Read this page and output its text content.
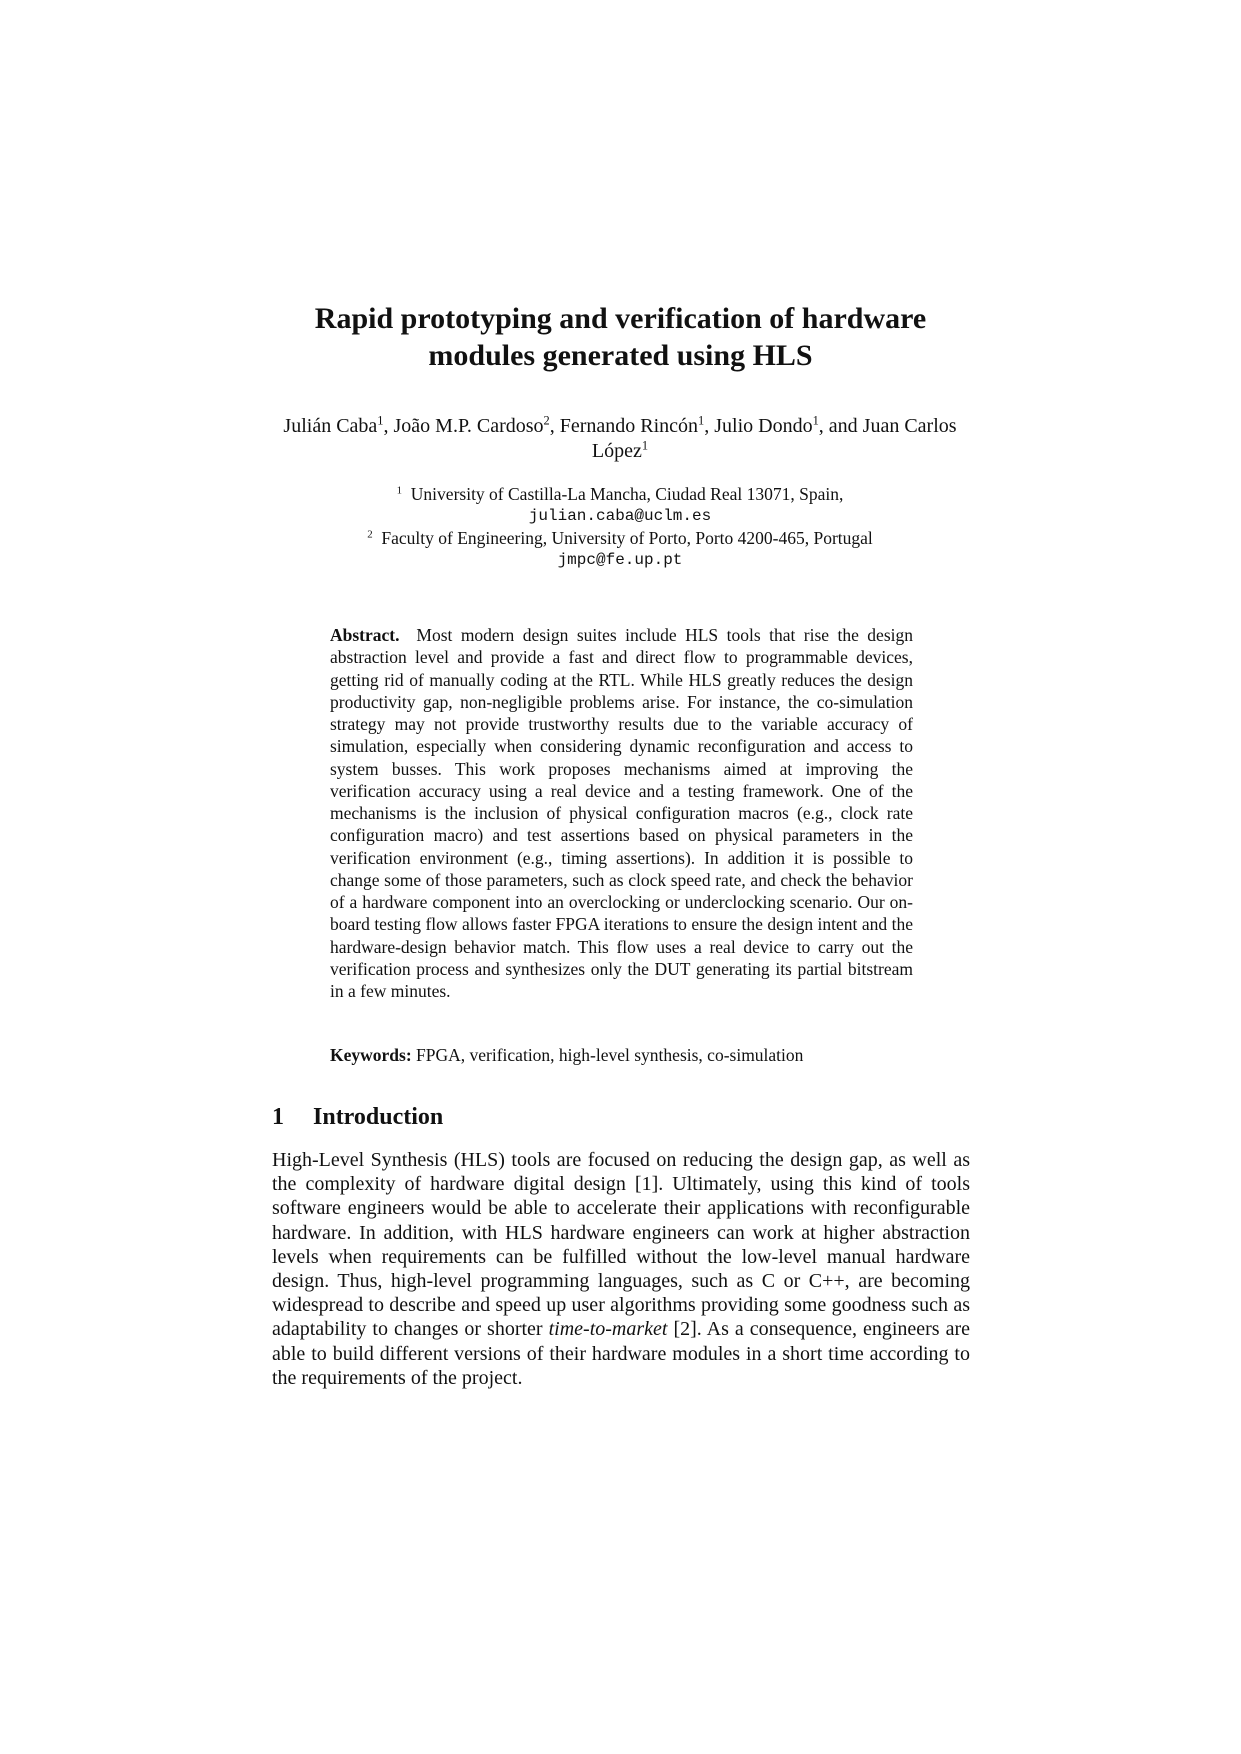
Rapid prototyping and verification of hardware
modules generated using HLS
Julián Caba$^1$, João M.P. Cardoso$^2$, Fernando Rincón$^1$, Julio Dondo$^1$, and Juan Carlos López$^1$
$^1$ University of Castilla-La Mancha, Ciudad Real 13071, Spain,
julian.caba@uclm.es
$^2$ Faculty of Engineering, University of Porto, Porto 4200-465, Portugal
jmpc@fe.up.pt
Abstract. Most modern design suites include HLS tools that rise the design abstraction level and provide a fast and direct flow to programmable devices, getting rid of manually coding at the RTL. While HLS greatly reduces the design productivity gap, non-negligible problems arise. For instance, the co-simulation strategy may not provide trustworthy results due to the variable accuracy of simulation, especially when considering dynamic reconfiguration and access to system busses. This work proposes mechanisms aimed at improving the verification accuracy using a real device and a testing framework. One of the mechanisms is the inclusion of physical configuration macros (e.g., clock rate configuration macro) and test assertions based on physical parameters in the verification environment (e.g., timing assertions). In addition it is possible to change some of those parameters, such as clock speed rate, and check the behavior of a hardware component into an overclocking or underclocking scenario. Our on-board testing flow allows faster FPGA iterations to ensure the design intent and the hardware-design behavior match. This flow uses a real device to carry out the verification process and synthesizes only the DUT generating its partial bitstream in a few minutes.
Keywords: FPGA, verification, high-level synthesis, co-simulation
1 Introduction
High-Level Synthesis (HLS) tools are focused on reducing the design gap, as well as the complexity of hardware digital design [1]. Ultimately, using this kind of tools software engineers would be able to accelerate their applications with reconfigurable hardware. In addition, with HLS hardware engineers can work at higher abstraction levels when requirements can be fulfilled without the low-level manual hardware design. Thus, high-level programming languages, such as C or C++, are becoming widespread to describe and speed up user algorithms providing some goodness such as adaptability to changes or shorter time-to-market [2]. As a consequence, engineers are able to build different versions of their hardware modules in a short time according to the requirements of the project.
